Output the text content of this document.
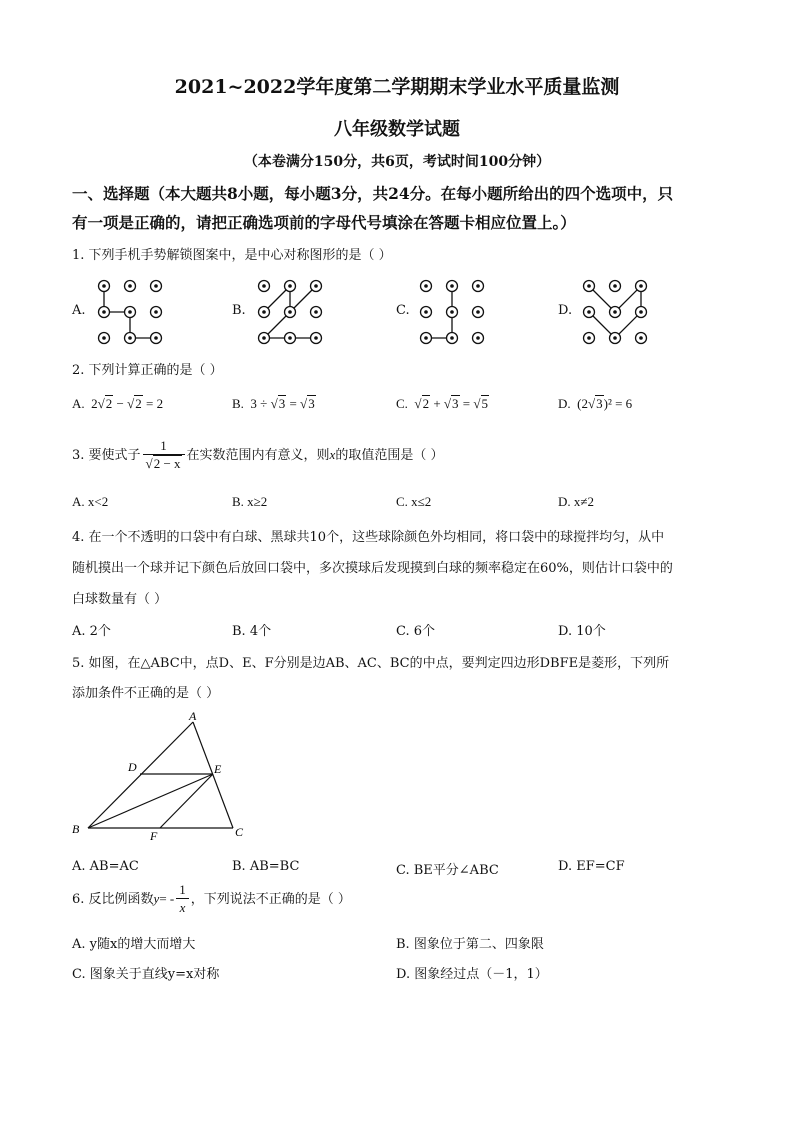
2021~2022学年度第二学期期末学业水平质量监测
八年级数学试题
（本卷满分150分，共6页，考试时间100分钟）
一、选择题（本大题共8小题，每小题3分，共24分。在每小题所给出的四个选项中，只
有一项是正确的，请把正确选项前的字母代号填涂在答题卡相应位置上。）
1. 下列手机手势解锁图案中，是中心对称图形的是（ ）
A.	B.	C.	D.
2. 下列计算正确的是（ ）
A. 2√2 − √2 = 2	B. 3 ÷ √3 = √3	C.  √2 + √3 = √5	D. (2√3)² = 6
3. 要使式子 $\frac{1}{√2 - x}$ 在实数范围内有意义，则x的取值范围是（ ）
A. x<2	B. x≥2	C. x≤2	D. x≠2
4. 在一个不透明的口袋中有白球、黑球共10个，这些球除颜色外均相同，将口袋中的球搅拌均匀，从中
随机摸出一个球并记下颜色后放回口袋中，多次摸球后发现摸到白球的频率稳定在60%，则估计口袋中的
白球数量有（ ）
A. 2个	B. 4个	C. 6个	D. 10个
5. 如图，在△ABC中，点D、E、F分别是边AB、AC、BC的中点，要判定四边形DBFE是菱形，下列所
添加条件不正确的是（ ）
A
B	C
D	E
F
A. AB=AC	B. AB=BC	C. BE平分∠ABC	D. EF=CF
6. 反比例函数$y= - \frac{1}{x}$ ，下列说法不正确的是（ ）
A. y随x的增大而增大	B. 图象位于第二、四象限
C. 图象关于直线y=x对称	D. 图象经过点（－1，1）
